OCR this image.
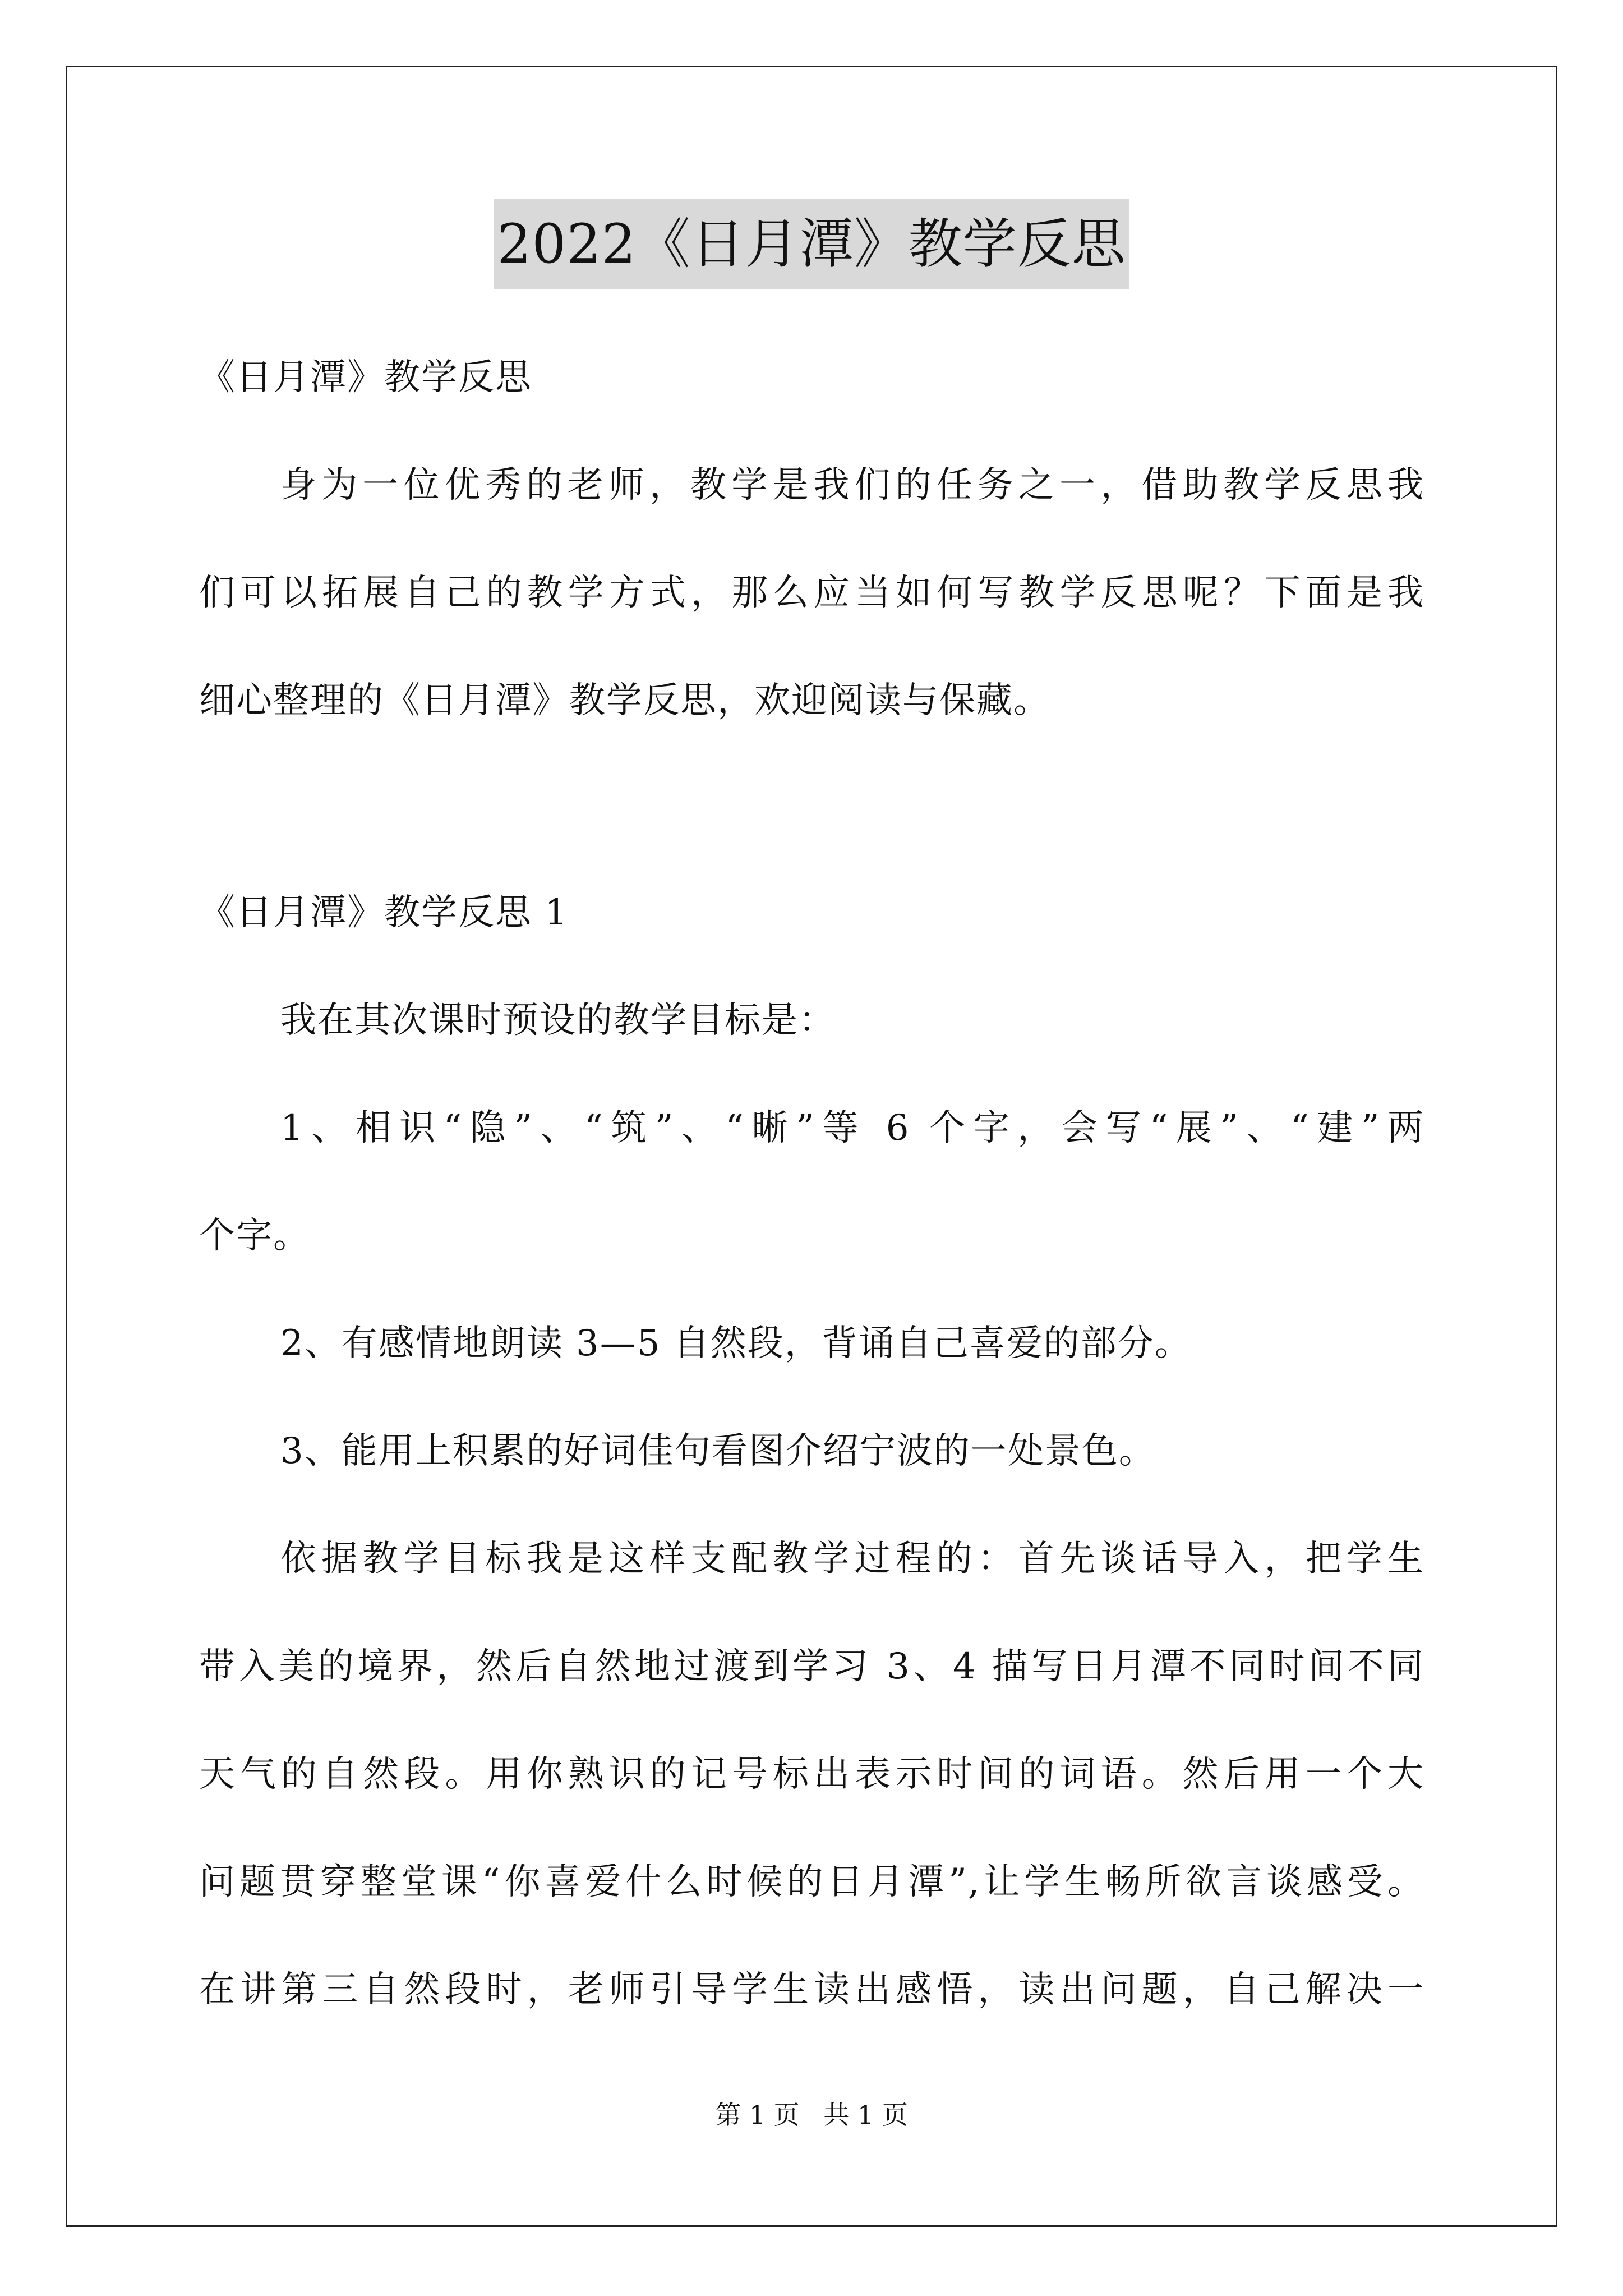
2022《日月潭》教学反思
《日月潭》教学反思
身为一位优秀的老师，教学是我们的任务之一，借助教学反思我
们可以拓展自己的教学方式，那么应当如何写教学反思呢？下面是我
细心整理的《日月潭》教学反思，欢迎阅读与保藏。
《日月潭》教学反思 1
我在其次课时预设的教学目标是：
1、相识“隐”、“筑”、“晰”等 6 个字，会写“展”、“建”两
个字。
2、有感情地朗读 3—5 自然段，背诵自己喜爱的部分。
3、能用上积累的好词佳句看图介绍宁波的一处景色。
依据教学目标我是这样支配教学过程的：首先谈话导入，把学生
带入美的境界，然后自然地过渡到学习 3、4 描写日月潭不同时间不同
天气的自然段。用你熟识的记号标出表示时间的词语。然后用一个大
问题贯穿整堂课“你喜爱什么时候的日月潭”,让学生畅所欲言谈感受。
在讲第三自然段时，老师引导学生读出感悟，读出问题，自己解决一
第 1 页 共 1 页
